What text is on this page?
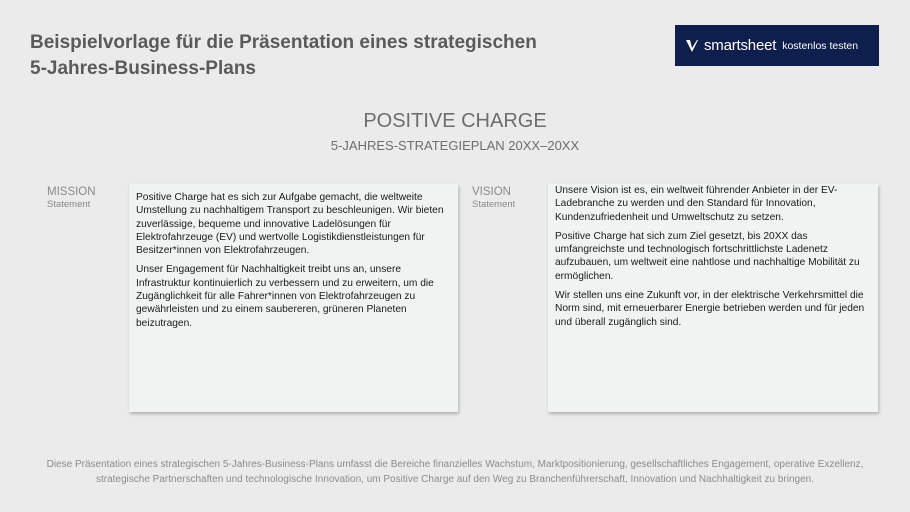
Beispielvorlage für die Präsentation eines strategischen
5-Jahres-Business-Plans
smartsheet kostenlos testen
POSITIVE CHARGE
5-JAHRES-STRATEGIEPLAN 20XX–20XX
MISSION
Statement

Positive Charge hat es sich zur Aufgabe gemacht, die weltweite Umstellung zu nachhaltigem Transport zu beschleunigen. Wir bieten zuverlässige, bequeme und innovative Ladelösungen für Elektrofahrzeuge (EV) und wertvolle Logistikdienstleistungen für Besitzer*innen von Elektrofahrzeugen.

Unser Engagement für Nachhaltigkeit treibt uns an, unsere Infrastruktur kontinuierlich zu verbessern und zu erweitern, um die Zugänglichkeit für alle Fahrer*innen von Elektrofahrzeugen zu gewährleisten und zu einem saubereren, grüneren Planeten beizutragen.

VISION
Statement

Unsere Vision ist es, ein weltweit führender Anbieter in der EV-Ladebranche zu werden und den Standard für Innovation, Kundenzufriedenheit und Umweltschutz zu setzen.

Positive Charge hat sich zum Ziel gesetzt, bis 20XX das umfangreichste und technologisch fortschrittlichste Ladenetz aufzubauen, um weltweit eine nahtlose und nachhaltige Mobilität zu ermöglichen.

Wir stellen uns eine Zukunft vor, in der elektrische Verkehrsmittel die Norm sind, mit erneuerbarer Energie betrieben werden und für jeden und überall zugänglich sind.

Diese Präsentation eines strategischen 5-Jahres-Business-Plans umfasst die Bereiche finanzielles Wachstum, Marktpositionierung, gesellschaftliches Engagement, operative Exzellenz, strategische Partnerschaften und technologische Innovation, um Positive Charge auf den Weg zu Branchenführerschaft, Innovation und Nachhaltigkeit zu bringen.
